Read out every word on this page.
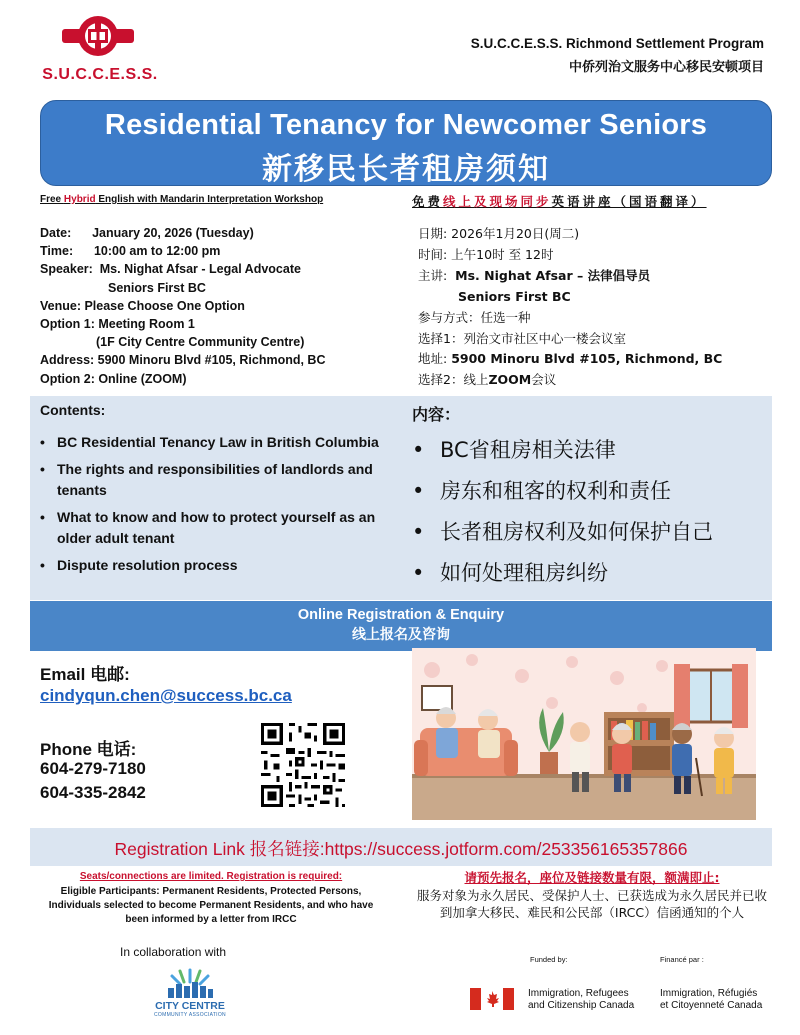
S.U.C.C.E.S.S.
S.U.C.C.E.S.S. Richmond Settlement Program
中侨列治文服务中心移民安顿项目
Residential Tenancy for Newcomer Seniors
新移民长者租房须知
Free Hybrid English with Mandarin Interpretation Workshop	免费线上及现场同步英语讲座（国语翻译）
Date:      January 20, 2026 (Tuesday)
Time:      10:00 am to 12:00 pm
Speaker:  Ms. Nighat Afsar - Legal Advocate
Seniors First BC
Venue: Please Choose One Option
Option 1: Meeting Room 1
(1F City Centre Community Centre)
Address: 5900 Minoru Blvd #105, Richmond, BC
Option 2: Online (ZOOM)
日期: 2026年1月20日(周二)
时间: 上午10时 至 12时
主讲: Ms. Nighat Afsar – 法律倡导员
Seniors First BC
参与方式：任选一种
选择1：列治文市社区中心一楼会议室
地址: 5900 Minoru Blvd #105, Richmond, BC
选择2：线上ZOOM会议
Contents:	内容：
• BC Residential Tenancy Law in British Columbia
• The rights and responsibilities of landlords and tenants
• What to know and how to protect yourself as an older adult tenant
• Dispute resolution process
• BC省租房相关法律
• 房东和租客的权利和责任
• 长者租房权利及如何保护自己
• 如何处理租房纠纷
Online Registration & Enquiry
线上报名及咨询
Email 电邮:
cindyqun.chen@success.bc.ca
Phone 电话:
604-279-7180
604-335-2842
Registration Link 报名链接:https://success.jotform.com/253356165357866
Seats/connections are limited. Registration is required:
Eligible Participants: Permanent Residents, Protected Persons, Individuals selected to become Permanent Residents, and who have been informed by a letter from IRCC
请预先报名，座位及链接数量有限，额满即止:
服务对象为永久居民、受保护人士、已获选成为永久居民并已收到加拿大移民、难民和公民部（IRCC）信函通知的个人
In collaboration with
CITY CENTRE
COMMUNITY ASSOCIATION
Funded by:	Financé par :
Immigration, Refugees
and Citizenship Canada
Immigration, Réfugiés
et Citoyenneté Canada
